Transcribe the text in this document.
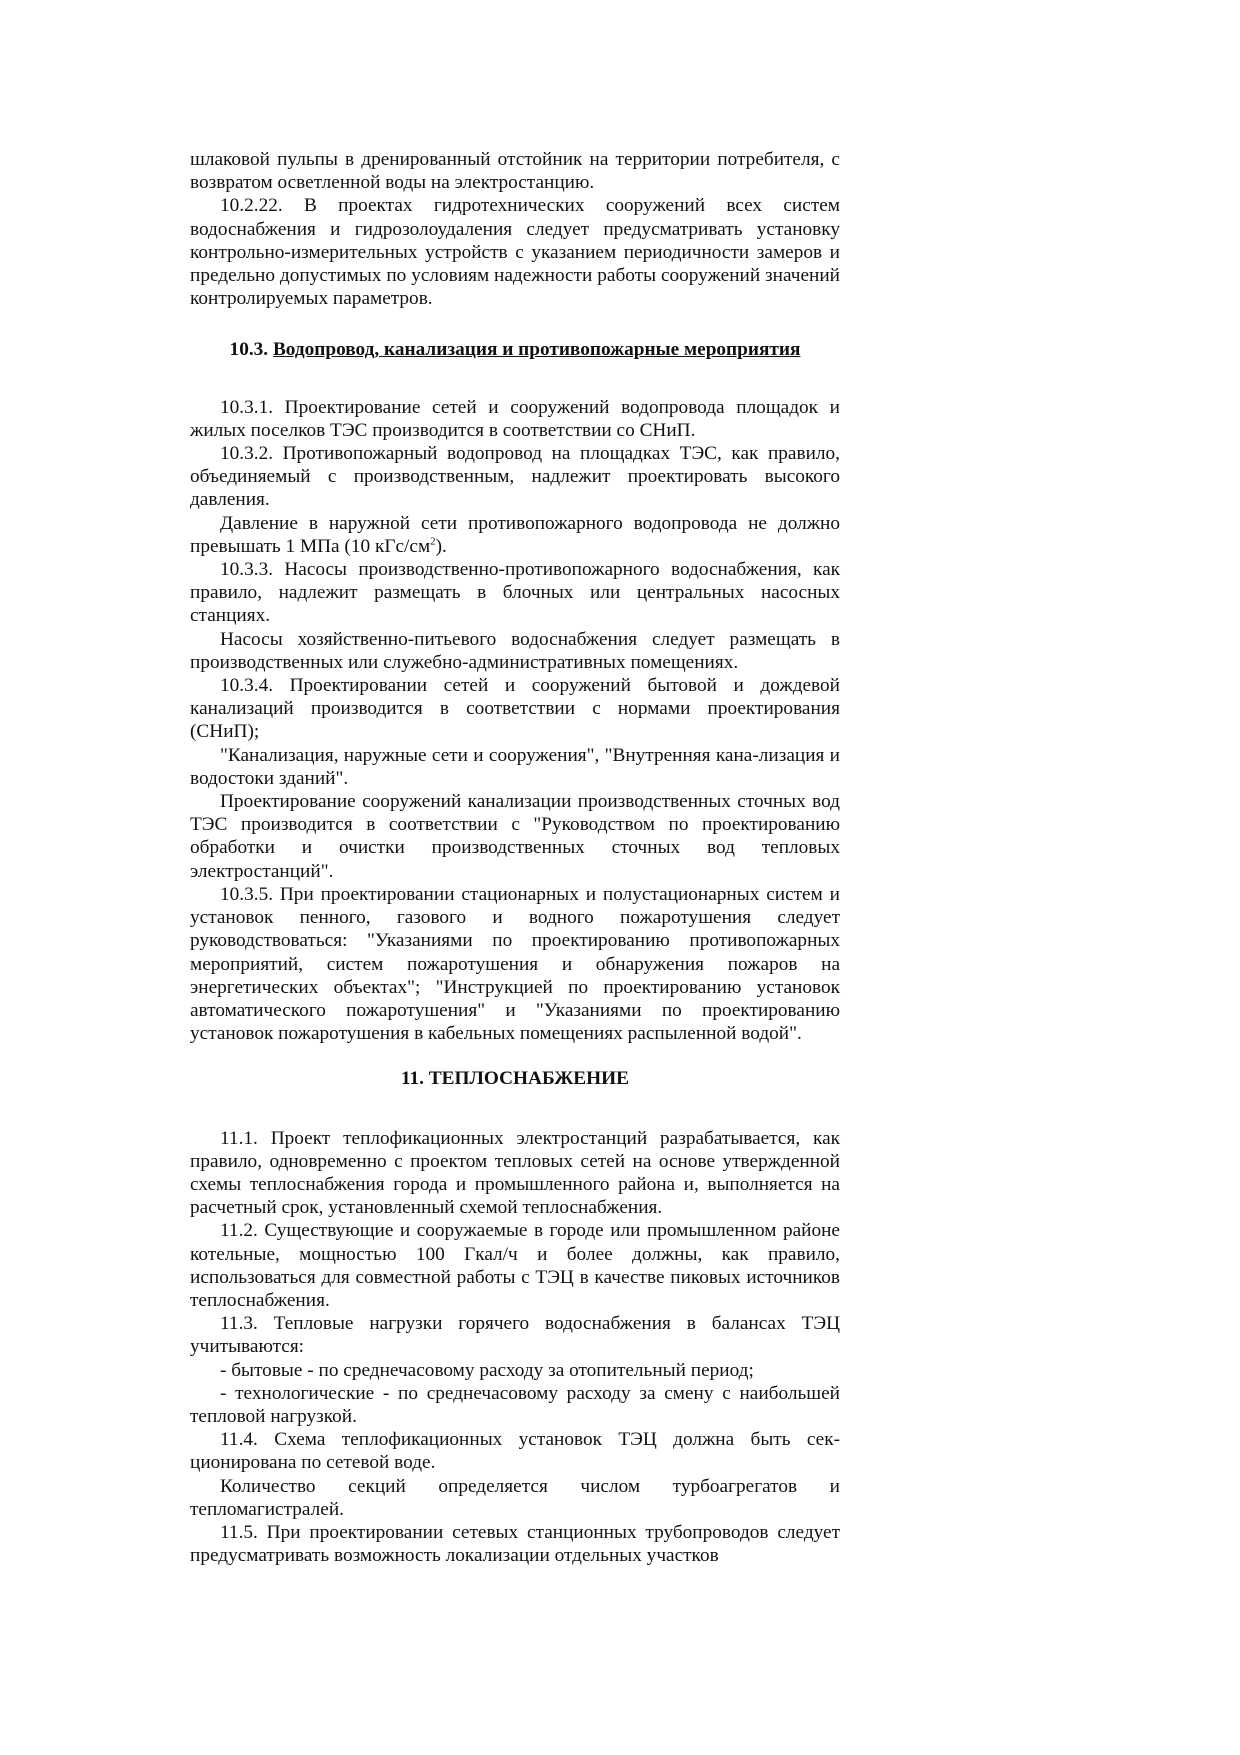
шлаковой пульпы в дренированный отстойник на территории потребителя, с возвратом осветленной воды на электростанцию.

10.2.22. В проектах гидротехнических сооружений всех систем водоснабжения и гидрозолоудаления следует предусматривать установку контрольно-измерительных устройств с указанием периодичности замеров и предельно допустимых по условиям надежности работы сооружений значений контролируемых параметров.

10.3. Водопровод, канализация и противопожарные мероприятия

10.3.1. Проектирование сетей и сооружений водопровода площадок и жилых поселков ТЭС производится в соответствии со СНиП.

10.3.2. Противопожарный водопровод на площадках ТЭС, как правило, объединяемый с производственным, надлежит проектировать высокого давления.

Давление в наружной сети противопожарного водопровода не должно превышать 1 МПа (10 кГс/$см^2$).

10.3.3. Насосы производственно-противопожарного водоснабжения, как правило, надлежит размещать в блочных или центральных насосных станциях.

Насосы хозяйственно-питьевого водоснабжения следует размещать в производственных или служебно-административных помещениях.

10.3.4. Проектировании сетей и сооружений бытовой и дождевой канализаций производится в соответствии с нормами проектирования (СНиП);

"Канализация, наружные сети и сооружения", "Внутренняя кана-лизация и водостоки зданий".

Проектирование сооружений канализации производственных сточных вод ТЭС производится в соответствии с "Руководством по проектированию обработки и очистки производственных сточных вод тепловых электростанций".

10.3.5. При проектировании стационарных и полустационарных систем и установок пенного, газового и водного пожаротушения следует руководствоваться: "Указаниями по проектированию противопожарных мероприятий, систем пожаротушения и обнаружения пожаров на энергетических объектах"; "Инструкцией по проектированию установок автоматического пожаротушения" и "Указаниями по проектированию установок пожаротушения в кабельных помещениях распыленной водой".

11. ТЕПЛОСНАБЖЕНИЕ

11.1. Проект теплофикационных электростанций разрабатывается, как правило, одновременно с проектом тепловых сетей на основе утвержденной схемы теплоснабжения города и промышленного района и, выполняется на расчетный срок, установленный схемой теплоснабжения.

11.2. Существующие и сооружаемые в городе или промышленном районе котельные, мощностью 100 Гкал/ч и более должны, как правило, использоваться для совместной работы с ТЭЦ в качестве пиковых источников теплоснабжения.

11.3. Тепловые нагрузки горячего водоснабжения в балансах ТЭЦ учитываются:

- бытовые - по среднечасовому расходу за отопительный период;

- технологические - по среднечасовому расходу за смену с наибольшей тепловой нагрузкой.

11.4. Схема теплофикационных установок ТЭЦ должна быть сек-ционирована по сетевой воде.

Количество секций определяется числом турбоагрегатов и тепломагистралей.

11.5. При проектировании сетевых станционных трубопроводов следует предусматривать возможность локализации отдельных участков
